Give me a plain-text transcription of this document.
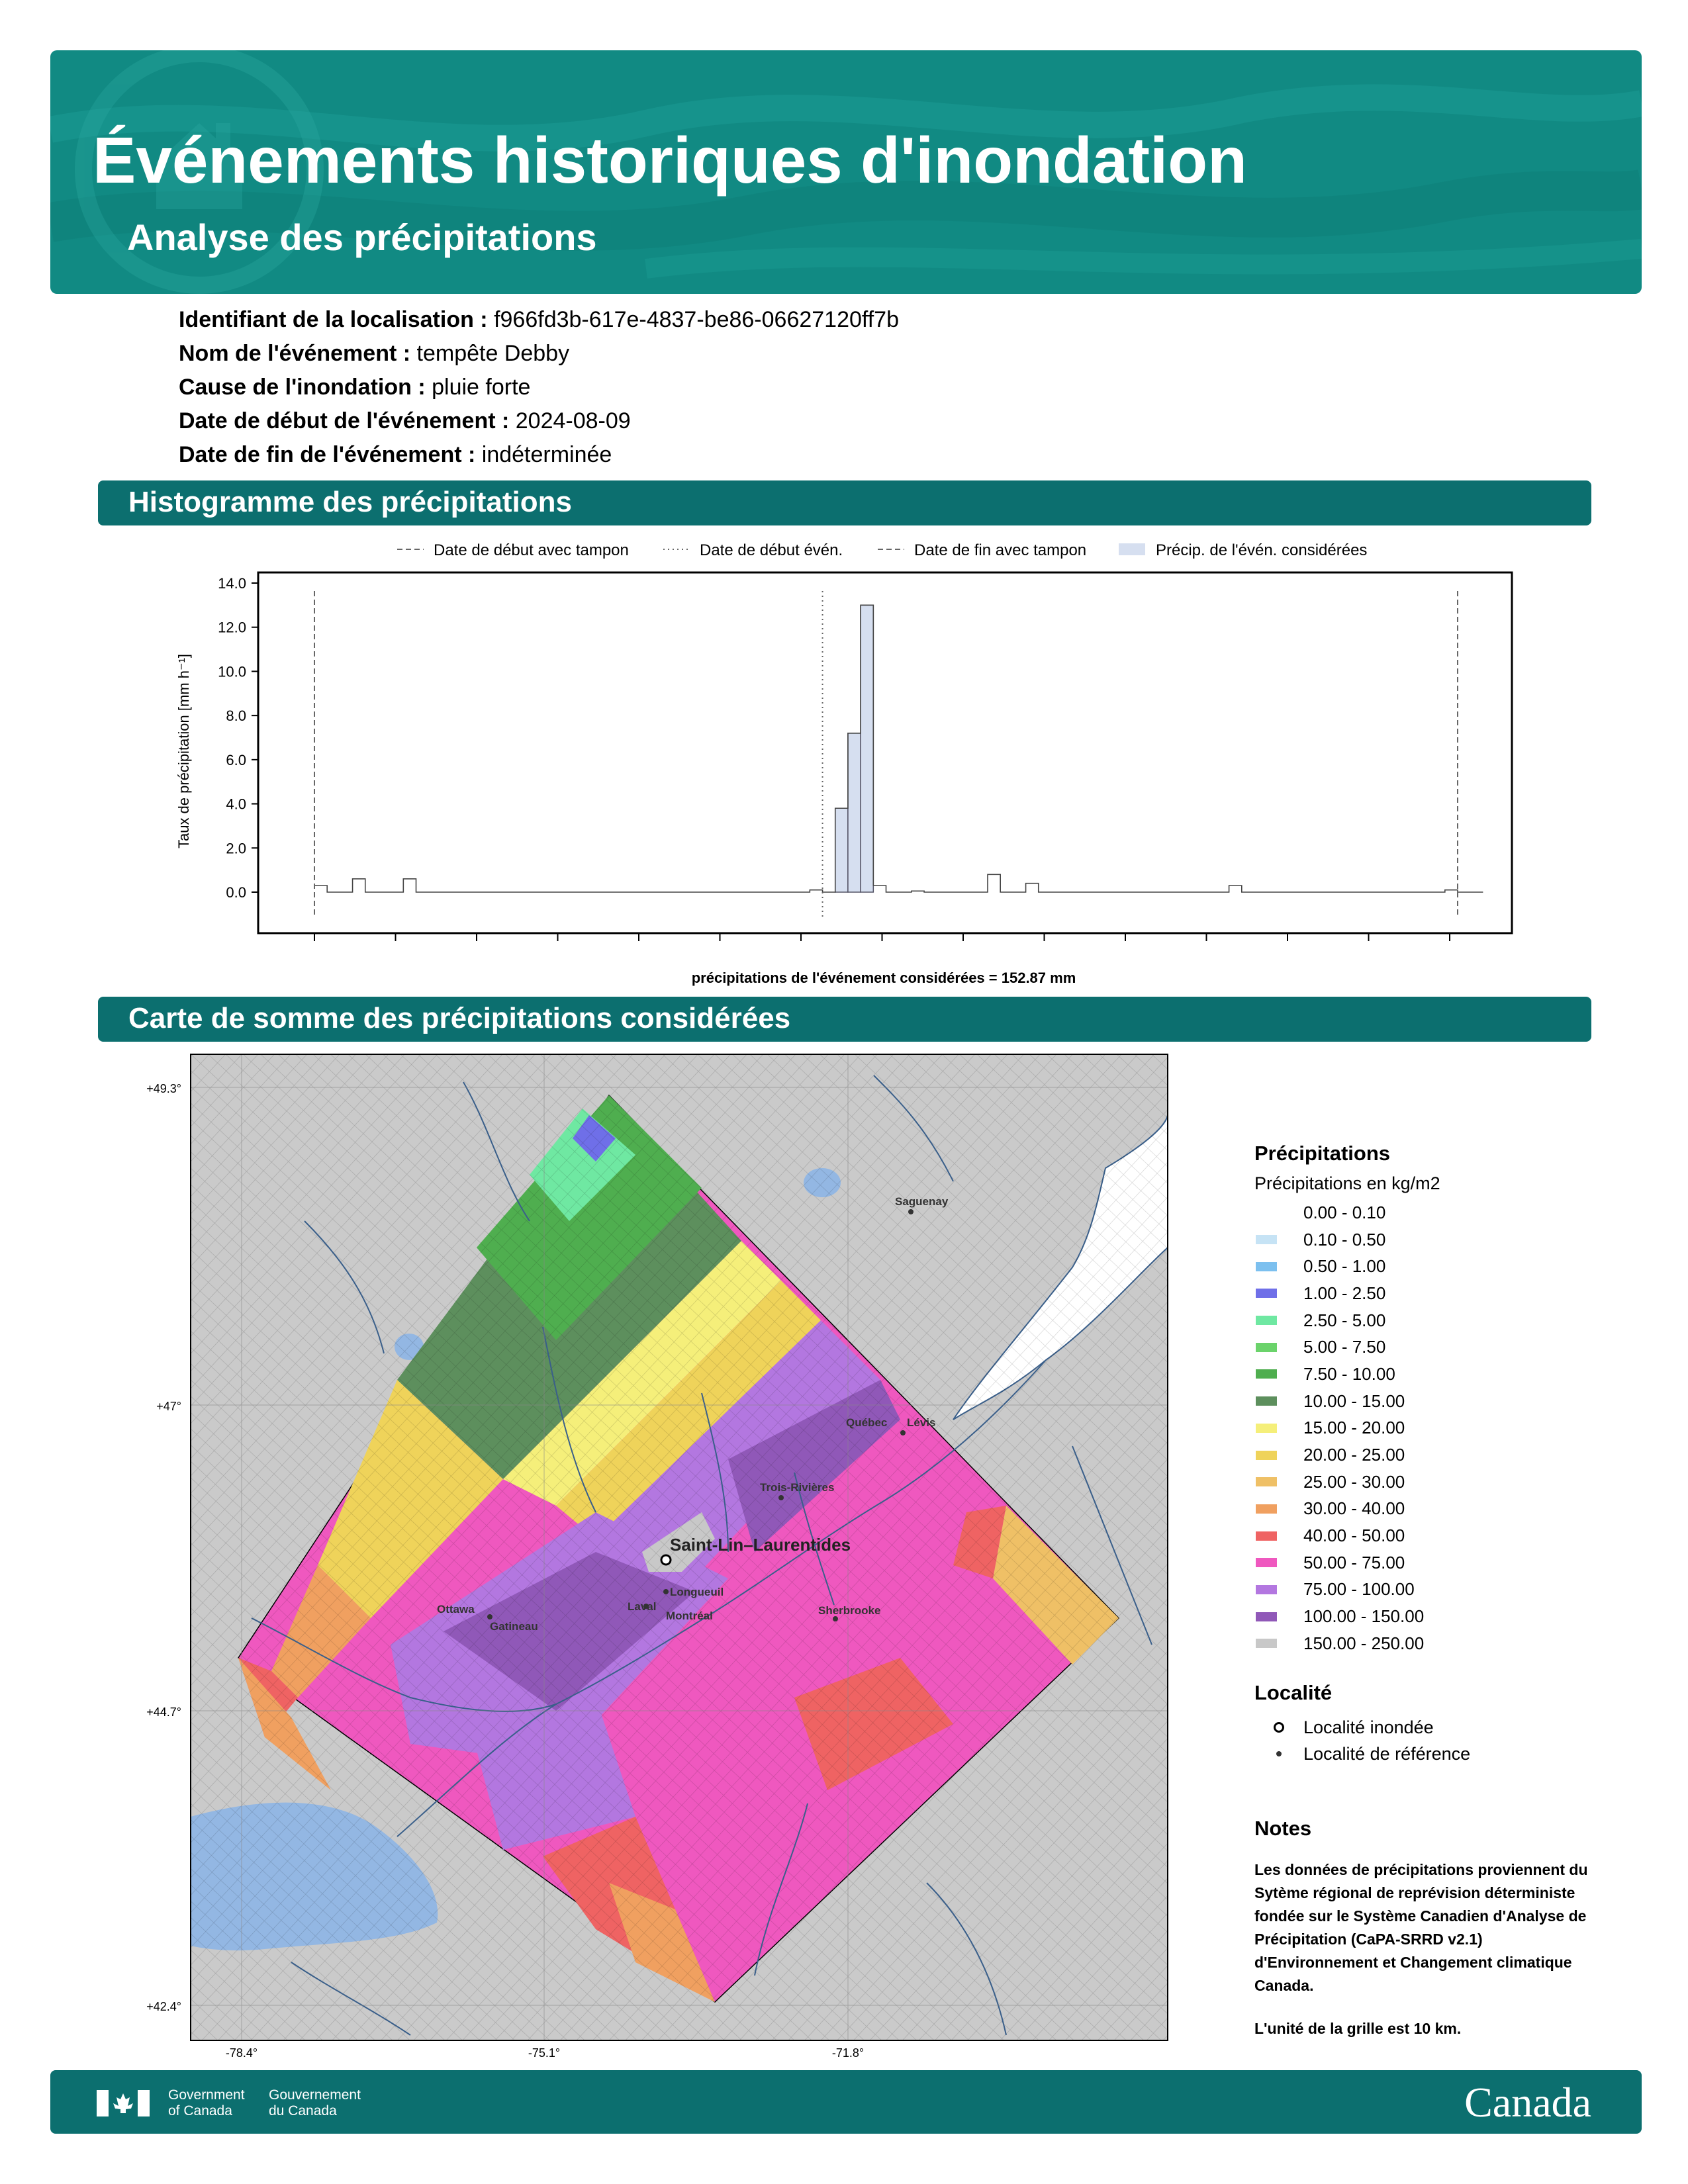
Événements historiques d'inondation
Analyse des précipitations
Identifiant de la localisation : f966fd3b-617e-4837-be86-06627120ff7b
Nom de l'événement : tempête Debby
Cause de l'inondation : pluie forte
Date de début de l'événement : 2024-08-09
Date de fin de l'événement : indéterminée
Histogramme des précipitations
Date de début avec tampon	Date de début évén.	Date de fin avec tampon	Précip. de l'évén. considérées
0.0
2.0
4.0
6.0
8.0
10.0
12.0
14.0
Taux de précipitation [mm h⁻¹]
précipitations de l'événement considérées = 152.87 mm
Carte de somme des précipitations considérées
+49.3°
+47°
+44.7°
+42.4°
-78.4°	-75.1°	-71.8°
Saguenay
Québec Lévis
Trois-Rivières
Ottawa
Gatineau
Laval
Longueuil
Montréal	Sherbrooke
Saint-Lin–Laurentides
Précipitations
Précipitations en kg/m2
0.00 - 0.10
0.10 - 0.50
0.50 - 1.00
1.00 - 2.50
2.50 - 5.00
5.00 - 7.50
7.50 - 10.00
10.00 - 15.00
15.00 - 20.00
20.00 - 25.00
25.00 - 30.00
30.00 - 40.00
40.00 - 50.00
50.00 - 75.00
75.00 - 100.00
100.00 - 150.00
150.00 - 250.00
Localité
Localité inondée
Localité de référence
Notes
Les données de précipitations proviennent du Sytème régional de reprévision déterministe fondée sur le Système Canadien d'Analyse de Précipitation (CaPA-SRRD v2.1) d'Environnement et Changement climatique Canada.
L'unité de la grille est 10 km.
Government of Canada
Gouvernement du Canada	Canada
